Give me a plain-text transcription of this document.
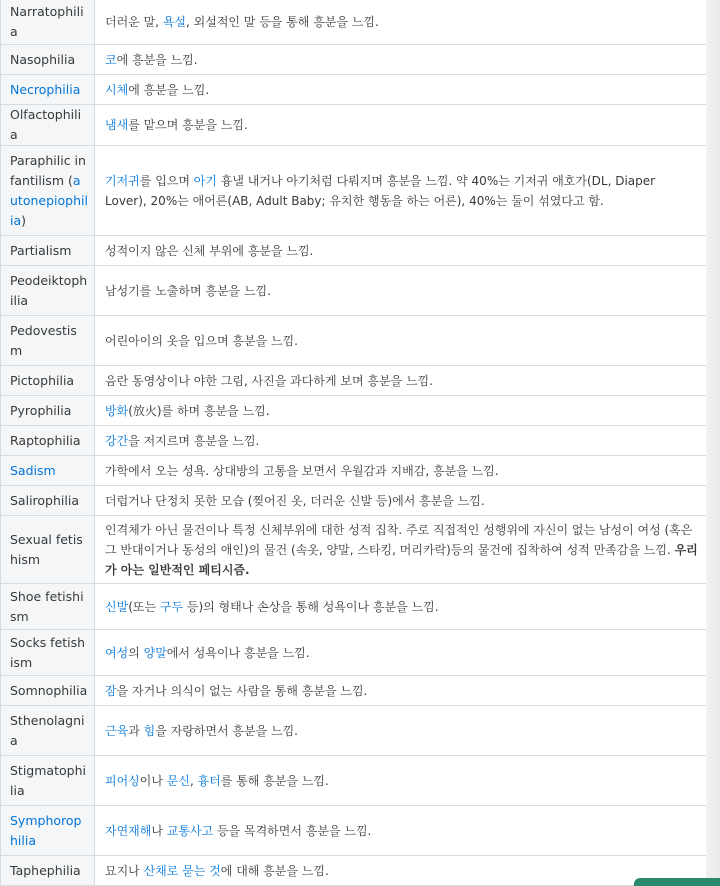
Narratophilia	더러운 말, 욕설, 외설적인 말 등을 통해 흥분을 느낌.
Nasophilia	코에 흥분을 느낌.
Necrophilia	시체에 흥분을 느낌.
Olfactophilia	냄새를 맡으며 흥분을 느낌.
Paraphilic infantilism (autonepiophilia)	기저귀를 입으며 아기 흉낼 내거나 아기처럼 다뤄지며 흥분을 느낌. 약 40%는 기저귀 애호가(DL, Diaper Lover), 20%는 애어른(AB, Adult Baby; 유치한 행동을 하는 어른), 40%는 둘이 섞였다고 함.
Partialism	성적이지 않은 신체 부위에 흥분을 느낌.
Peodeiktophilia	남성기를 노출하며 흥분을 느낌.
Pedovestism	어린아이의 옷을 입으며 흥분을 느낌.
Pictophilia	음란 동영상이나 야한 그림, 사진을 과다하게 보며 흥분을 느낌.
Pyrophilia	방화(放火)를 하며 흥분을 느낌.
Raptophilia	강간을 저지르며 흥분을 느낌.
Sadism	가학에서 오는 성욕. 상대방의 고통을 보면서 우월감과 지배감, 흥분을 느낌.
Salirophilia	더럽거나 단정치 못한 모습 (찢어진 옷, 더러운 신발 등)에서 흥분을 느낌.
Sexual fetishism	인격체가 아닌 물건이나 특정 신체부위에 대한 성적 집착. 주로 직접적인 성행위에 자신이 없는 남성이 여성 (혹은 그 반대이거나 동성의 애인)의 물건 (속옷, 양말, 스타킹, 머리카락)등의 물건에 집착하여 성적 만족감을 느낌. 우리가 아는 일반적인 페티시즘.
Shoe fetishism	신발(또는 구두 등)의 형태나 손상을 통해 성욕이나 흥분을 느낌.
Socks fetishism	여성의 양말에서 성욕이나 흥분을 느낌.
Somnophilia	잠을 자거나 의식이 없는 사람을 통해 흥분을 느낌.
Sthenolagnia	근육과 힘을 자랑하면서 흥분을 느낌.
Stigmatophilia	피어싱이나 문신, 흉터를 통해 흥분을 느낌.
Symphorophilia	자연재해나 교통사고 등을 목격하면서 흥분을 느낌.
Taphephilia	묘지나 산채로 묻는 것에 대해 흥분을 느낌.
